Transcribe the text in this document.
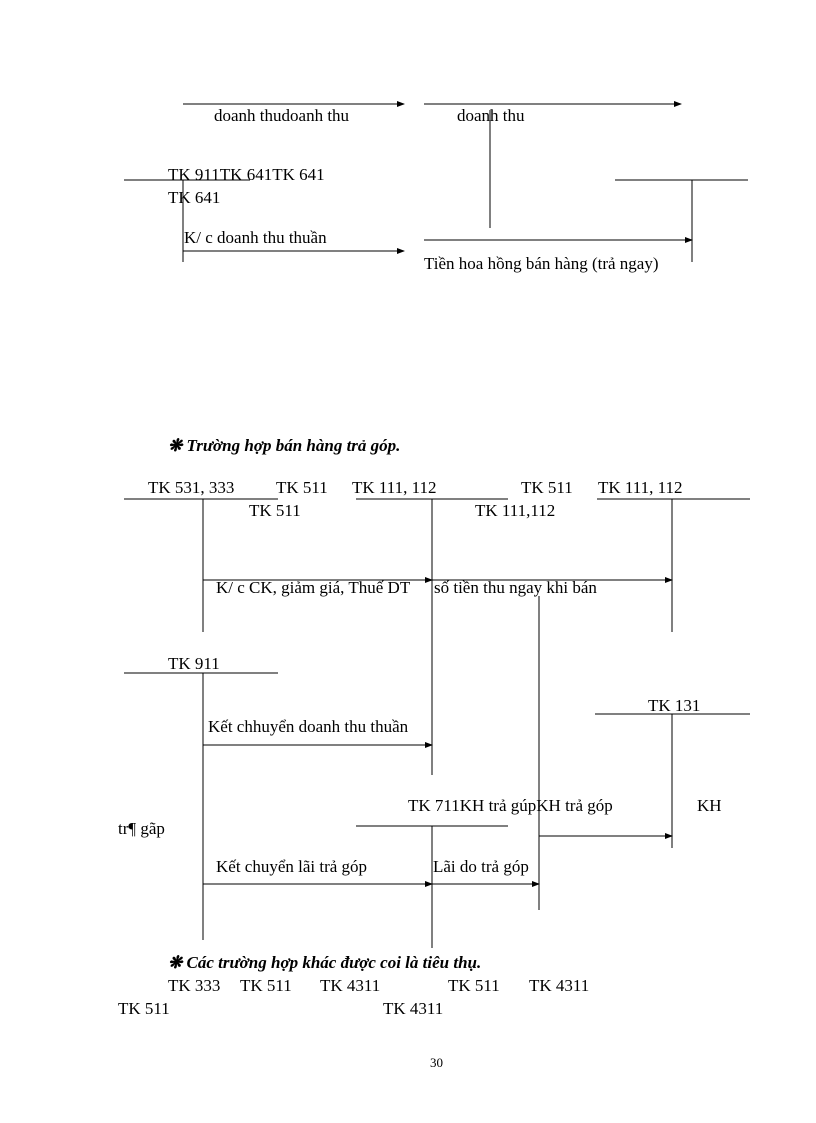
doanh thudoanh thu	doanh thu
TK 911TK 641TK 641
TK 641
K/ c doanh thu thuần
Tiền hoa hồng bán hàng (trả ngay)
❋ Trường hợp bán hàng trả góp.
TK 531, 333 TK 511 TK 111, 112	TK 511 TK 111, 112
TK 511	TK 111,112
K/ c CK, giảm giá, Thuế DT số tiền thu ngay khi bán
TK 911
Kết chhuyển doanh thu thuần
TK 131
TK 711KH trả gúpKH trả góp	KH
tr¶ gãp
Kết chuyển lãi trả góp	Lãi do trả góp
❋ Các trường hợp khác được coi là tiêu thụ.
TK 333 TK 511 TK 4311	TK 511 TK 4311
TK 511	TK 4311
30
